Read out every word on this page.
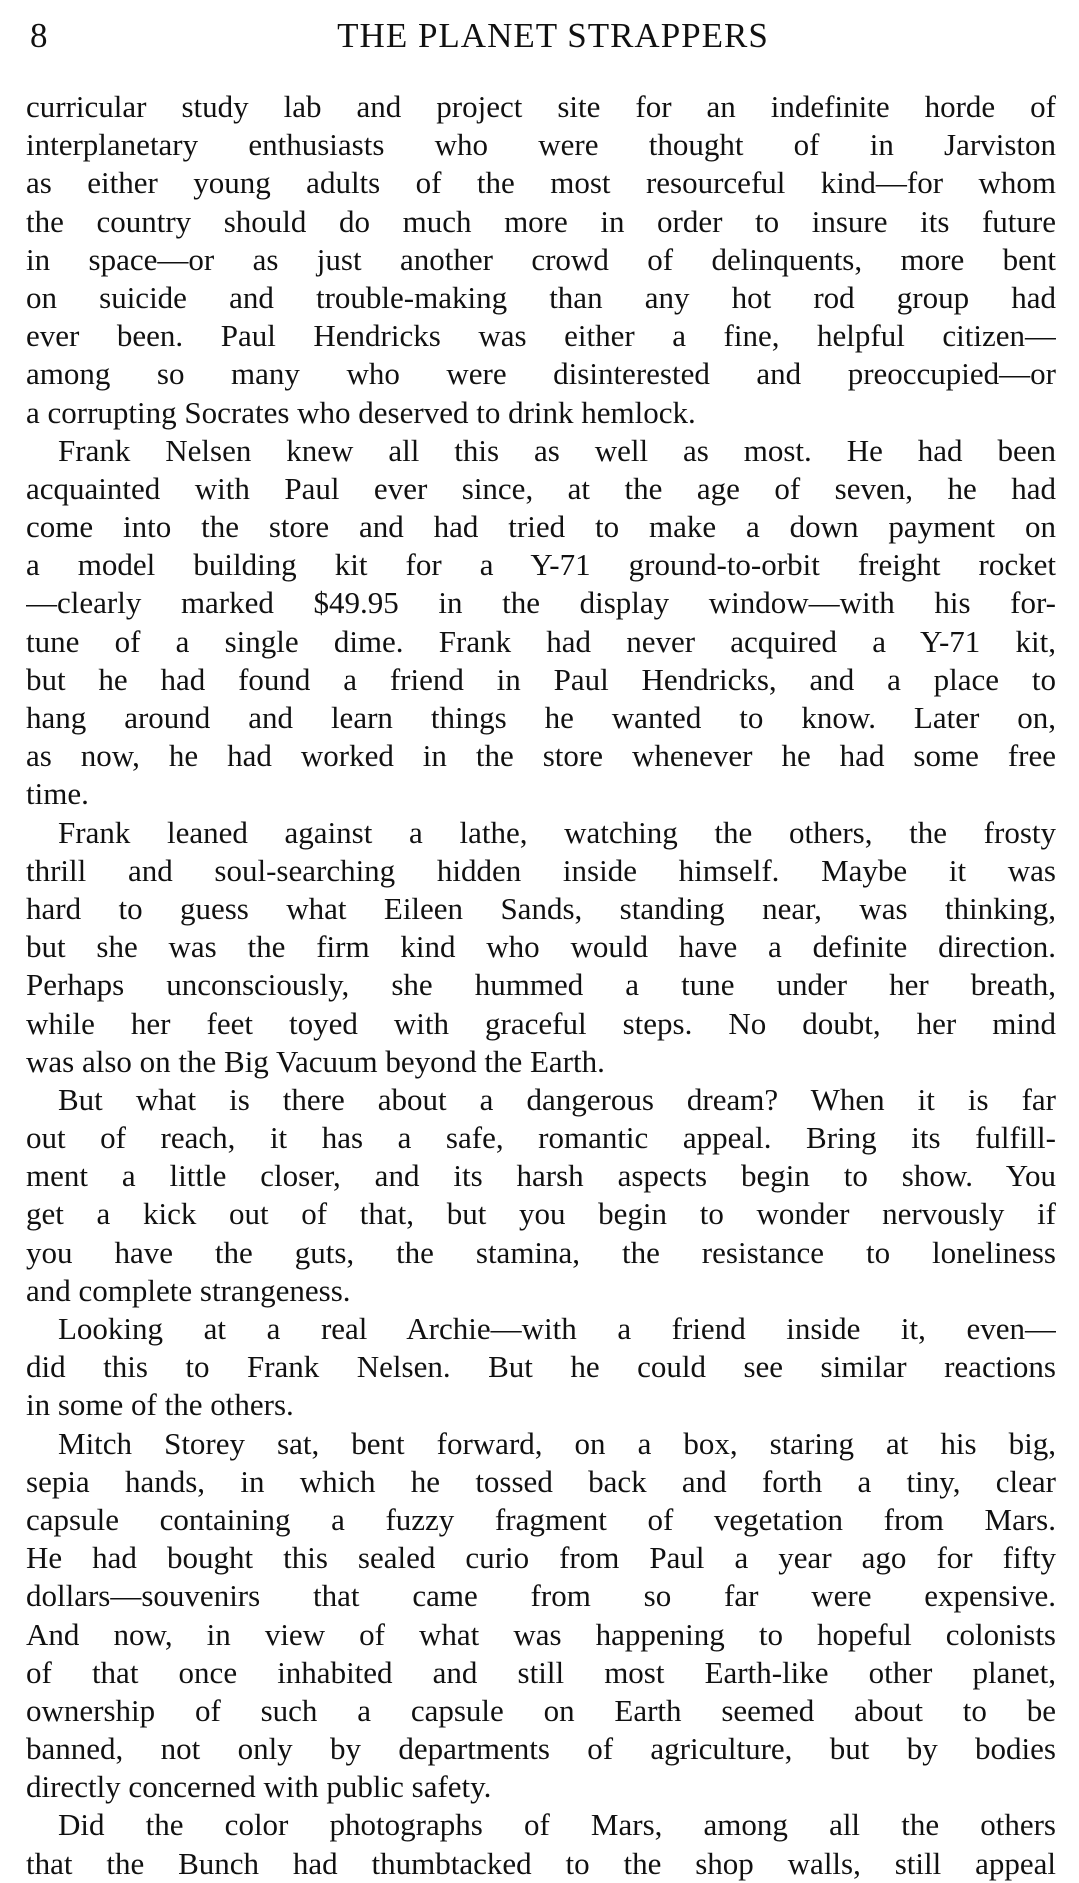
8	THE PLANET STRAPPERS
curricular study lab and project site for an indefinite horde of
interplanetary enthusiasts who were thought of in Jarviston
as either young adults of the most resourceful kind—for whom
the country should do much more in order to insure its future
in space—or as just another crowd of delinquents, more bent
on suicide and trouble-making than any hot rod group had
ever been. Paul Hendricks was either a fine, helpful citizen—
among so many who were disinterested and preoccupied—or
a corrupting Socrates who deserved to drink hemlock.
Frank Nelsen knew all this as well as most. He had been
acquainted with Paul ever since, at the age of seven, he had
come into the store and had tried to make a down payment on
a model building kit for a Y-71 ground-to-orbit freight rocket
—clearly marked $49.95 in the display window—with his for-
tune of a single dime. Frank had never acquired a Y-71 kit,
but he had found a friend in Paul Hendricks, and a place to
hang around and learn things he wanted to know. Later on,
as now, he had worked in the store whenever he had some free
time.
Frank leaned against a lathe, watching the others, the frosty
thrill and soul-searching hidden inside himself. Maybe it was
hard to guess what Eileen Sands, standing near, was thinking,
but she was the firm kind who would have a definite direction.
Perhaps unconsciously, she hummed a tune under her breath,
while her feet toyed with graceful steps. No doubt, her mind
was also on the Big Vacuum beyond the Earth.
But what is there about a dangerous dream? When it is far
out of reach, it has a safe, romantic appeal. Bring its fulfill-
ment a little closer, and its harsh aspects begin to show. You
get a kick out of that, but you begin to wonder nervously if
you have the guts, the stamina, the resistance to loneliness
and complete strangeness.
Looking at a real Archie—with a friend inside it, even—
did this to Frank Nelsen. But he could see similar reactions
in some of the others.
Mitch Storey sat, bent forward, on a box, staring at his big,
sepia hands, in which he tossed back and forth a tiny, clear
capsule containing a fuzzy fragment of vegetation from Mars.
He had bought this sealed curio from Paul a year ago for fifty
dollars—souvenirs that came from so far were expensive.
And now, in view of what was happening to hopeful colonists
of that once inhabited and still most Earth-like other planet,
ownership of such a capsule on Earth seemed about to be
banned, not only by departments of agriculture, but by bodies
directly concerned with public safety.
Did the color photographs of Mars, among all the others
that the Bunch had thumbtacked to the shop walls, still appeal
